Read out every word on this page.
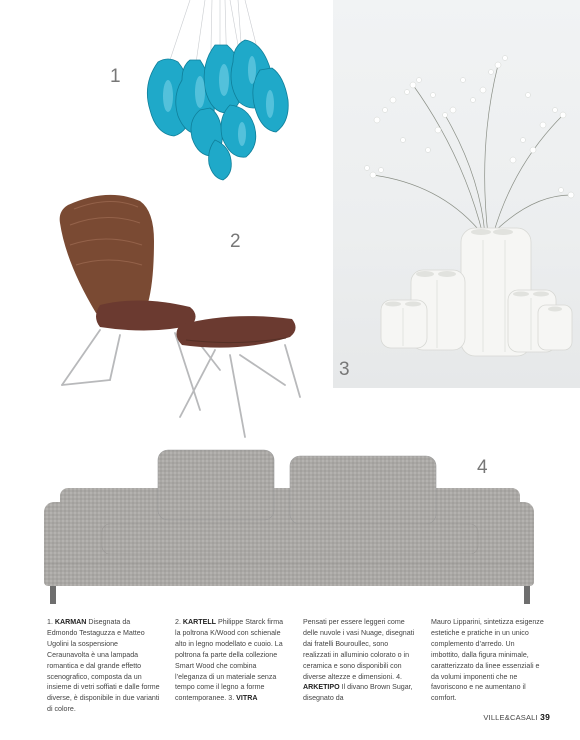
1
3
2
4
1. KARMAN Disegnata da Edmondo Testaguzza e Matteo Ugolini la sospensione Ceraunavolta è una lampada romantica e dal grande effetto scenografico, composta da un insieme di vetri soffiati e dalle forme diverse, è disponibile in due varianti di colore.
2. KARTELL Philippe Starck firma la poltrona K/Wood con schienale alto in legno modellato e cuoio. La poltrona fa parte della collezione Smart Wood che combina l’eleganza di un materiale senza tempo come il legno a forme contemporanee. 3. VITRA
Pensati per essere leggeri come delle nuvole i vasi Nuage, disegnati dai fratelli Bouroullec, sono realizzati in alluminio colorato o in ceramica e sono disponibili con diverse altezze e dimensioni. 4. ARKETIPO Il divano Brown Sugar, disegnato da
Mauro Lipparini, sintetizza esigenze estetiche e pratiche in un unico complemento d’arredo. Un imbottito, dalla figura minimale, caratterizzato da linee essenziali e da volumi imponenti che ne favoriscono e ne aumentano il comfort.
VILLE&CASALI 39
